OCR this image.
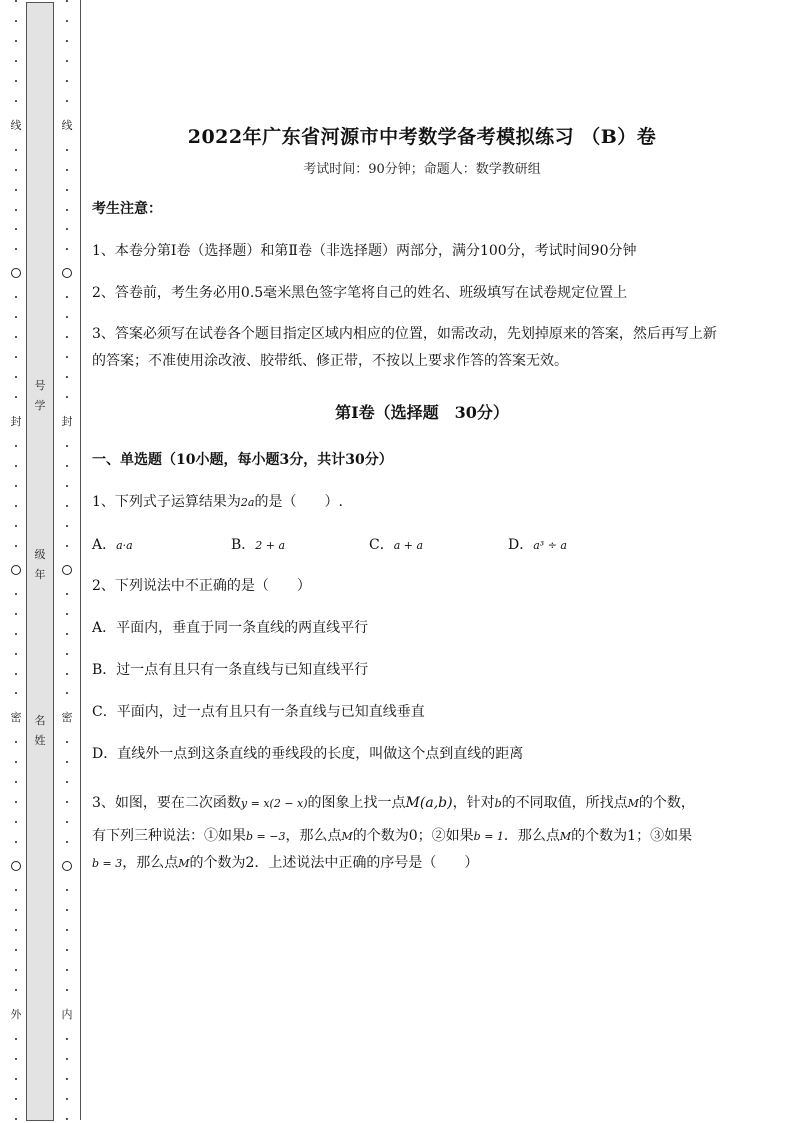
线
封
密
外
号
学
级
年
名
姓
线
封
密
内
2022年广东省河源市中考数学备考模拟练习 （B）卷
考试时间：90分钟；命题人：数学教研组
考生注意：
1、本卷分第I卷（选择题）和第Ⅱ卷（非选择题）两部分，满分100分，考试时间90分钟
2、答卷前，考生务必用0.5毫米黑色签字笔将自己的姓名、班级填写在试卷规定位置上
3、答案必须写在试卷各个题目指定区域内相应的位置，如需改动，先划掉原来的答案，然后再写上新
的答案；不准使用涂改液、胶带纸、修正带，不按以上要求作答的答案无效。
第I卷（选择题　30分）
一、单选题（10小题，每小题3分，共计30分）
1、下列式子运算结果为2a的是（　　）.
A．a·a	B．2 + a	C．a + a	D．a³ ÷ a
2、下列说法中不正确的是（　　）
A．平面内，垂直于同一条直线的两直线平行
B．过一点有且只有一条直线与已知直线平行
C．平面内，过一点有且只有一条直线与已知直线垂直
D．直线外一点到这条直线的垂线段的长度，叫做这个点到直线的距离
3、如图，要在二次函数y = x(2 − x)的图象上找一点M(a,b)，针对b的不同取值，所找点M的个数，
有下列三种说法：①如果b = −3，那么点M的个数为0；②如果b = 1．那么点M的个数为1；③如果
b = 3，那么点M的个数为2．上述说法中正确的序号是（　　）
